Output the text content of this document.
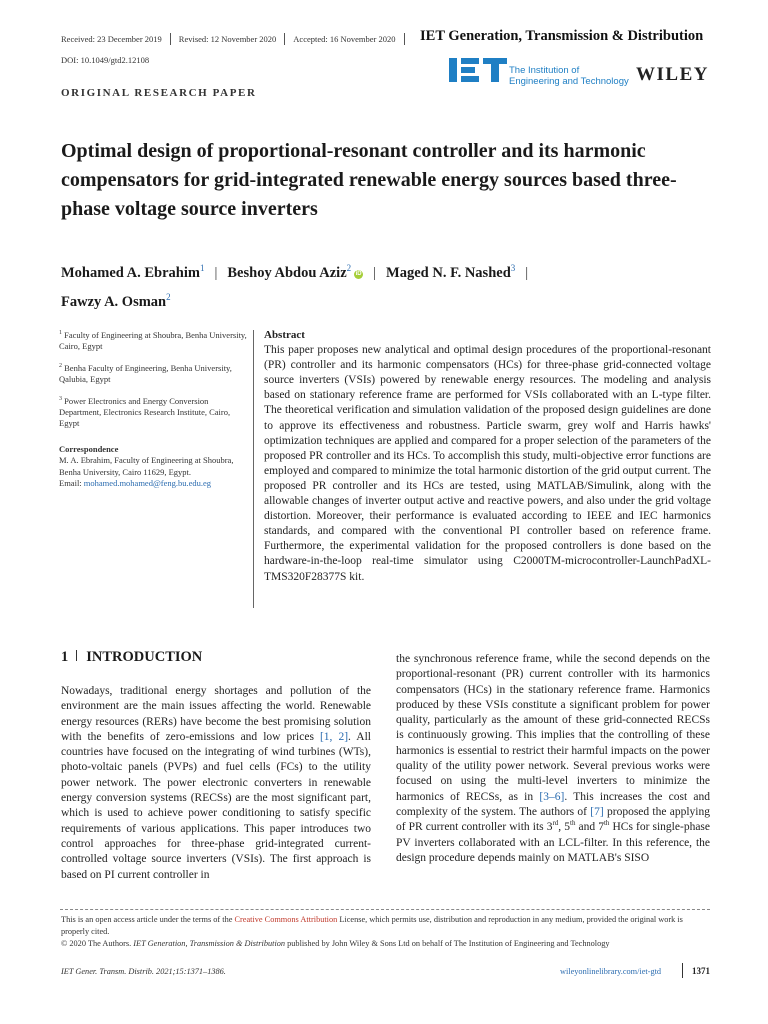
Received: 23 December 2019 Revised: 12 November 2020 Accepted: 16 November 2020	IET Generation, Transmission & Distribution
DOI: 10.1049/gtd2.12108
The Institution of
Engineering and Technology WILEY
ORIGINAL RESEARCH PAPER
Optimal design of proportional-resonant controller and its harmonic compensators for grid-integrated renewable energy sources based three-phase voltage source inverters
Mohamed A. Ebrahim$^1$ | Beshoy Abdou Aziz$^2$iD | Maged N. F. Nashed$^3$ |
Fawzy A. Osman$^2$
$^1$ Faculty of Engineering at Shoubra, Benha University, Cairo, Egypt
$^2$ Benha Faculty of Engineering, Benha University, Qalubia, Egypt
$^3$ Power Electronics and Energy Conversion Department, Electronics Research Institute, Cairo, Egypt
Correspondence
M. A. Ebrahim, Faculty of Engineering at Shoubra, Benha University, Cairo 11629, Egypt.
Email: mohamed.mohamed@feng.bu.edu.eg
Abstract
This paper proposes new analytical and optimal design procedures of the proportional-resonant (PR) controller and its harmonic compensators (HCs) for three-phase grid-connected voltage source inverters (VSIs) powered by renewable energy resources. The modeling and analysis based on stationary reference frame are performed for VSIs collaborated with an L-type filter. The theoretical verification and simulation validation of the proposed design guidelines are done to approve its effectiveness and robustness. Particle swarm, grey wolf and Harris hawks' optimization techniques are applied and compared for a proper selection of the parameters of the proposed PR controller and its HCs. To accomplish this study, multi-objective error functions are employed and compared to minimize the total harmonic distortion of the grid output current. The proposed PR controller and its HCs are tested, using MATLAB/Simulink, along with the allowable changes of inverter output active and reactive powers, and also under the grid voltage distortion. Moreover, their performance is evaluated according to IEEE and IEC harmonics standards, and compared with the conventional PI controller based on reference frame. Furthermore, the experimental validation for the proposed controllers is done based on the hardware-in-the-loop real-time simulator using C2000TM-microcontroller-LaunchPadXL-TMS320F28377S kit.
1 INTRODUCTION
Nowadays, traditional energy shortages and pollution of the environment are the main issues affecting the world. Renewable energy resources (RERs) have become the best promising solution with the benefits of zero-emissions and low prices [1, 2]. All countries have focused on the integrating of wind turbines (WTs), photo-voltaic panels (PVPs) and fuel cells (FCs) to the utility power network. The power electronic converters in renewable energy conversion systems (RECSs) are the most significant part, which is used to achieve power conditioning to satisfy specific requirements of various applications. This paper introduces two control approaches for three-phase grid-integrated current-controlled voltage source inverters (VSIs). The first approach is based on PI current controller in
the synchronous reference frame, while the second depends on the proportional-resonant (PR) current controller with its harmonics compensators (HCs) in the stationary reference frame. Harmonics produced by these VSIs constitute a significant problem for power quality, particularly as the amount of these grid-connected RECSs is continuously growing. This implies that the controlling of these harmonics is essential to restrict their harmful impacts on the power quality of the utility power network. Several previous works were focused on using the multi-level inverters to minimize the harmonics of RECSs, as in [3–6]. This increases the cost and complexity of the system. The authors of [7] proposed the applying of PR current controller with its 3rd, 5th and 7th HCs for single-phase PV inverters collaborated with an LCL-filter. In this reference, the design procedure depends mainly on MATLAB's SISO
This is an open access article under the terms of the Creative Commons Attribution License, which permits use, distribution and reproduction in any medium, provided the original work is properly cited.
© 2020 The Authors. IET Generation, Transmission & Distribution published by John Wiley & Sons Ltd on behalf of The Institution of Engineering and Technology
IET Gener. Transm. Distrib. 2021;15:1371–1386.	wileyonlinelibrary.com/iet-gtd	1371
